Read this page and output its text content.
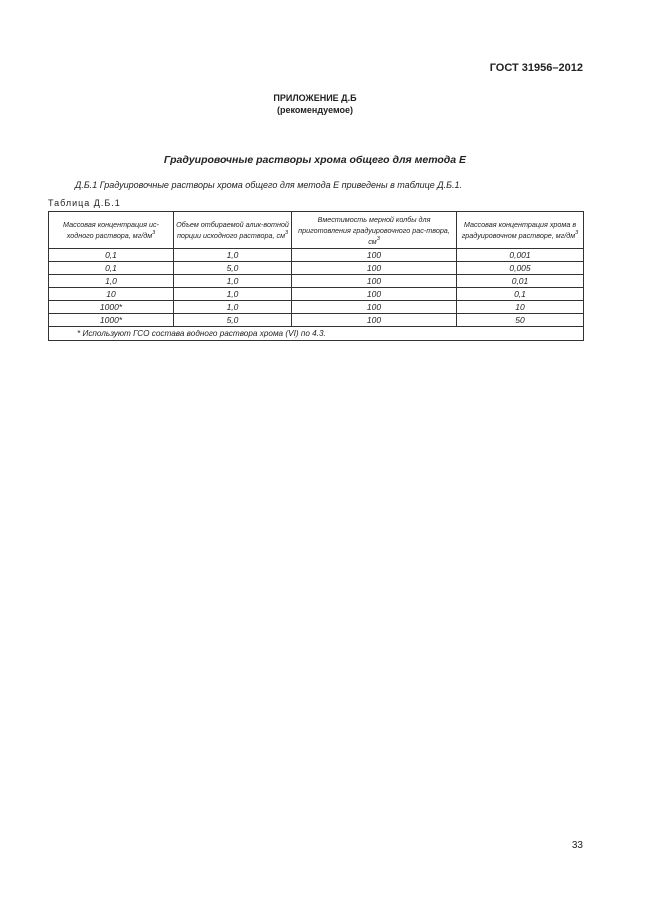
ГОСТ 31956–2012
ПРИЛОЖЕНИЕ Д.Б
(рекомендуемое)
Градуировочные растворы хрома общего для метода Е
Д.Б.1 Градуировочные растворы хрома общего для метода Е приведены в таблице Д.Б.1.
Таблица Д.Б.1
Массовая концентрация ис-ходного раствора, $мг/дм^3$	Объем отбираемой алик-вотной порции исходного раствора, $см^3$	Вместимость мерной колбы для приготовления градуировочного рас-твора, $см^3$	Массовая концентрация хрома в градуировочном растворе, $мг/дм^3$
0,1	1,0	100	0,001
0,1	5,0	100	0,005
1,0	1,0	100	0,01
10	1,0	100	0,1
1000*	1,0	100	10
1000*	5,0	100	50
* Используют ГСО состава водного раствора хрома (VI) по 4.3.			
33
